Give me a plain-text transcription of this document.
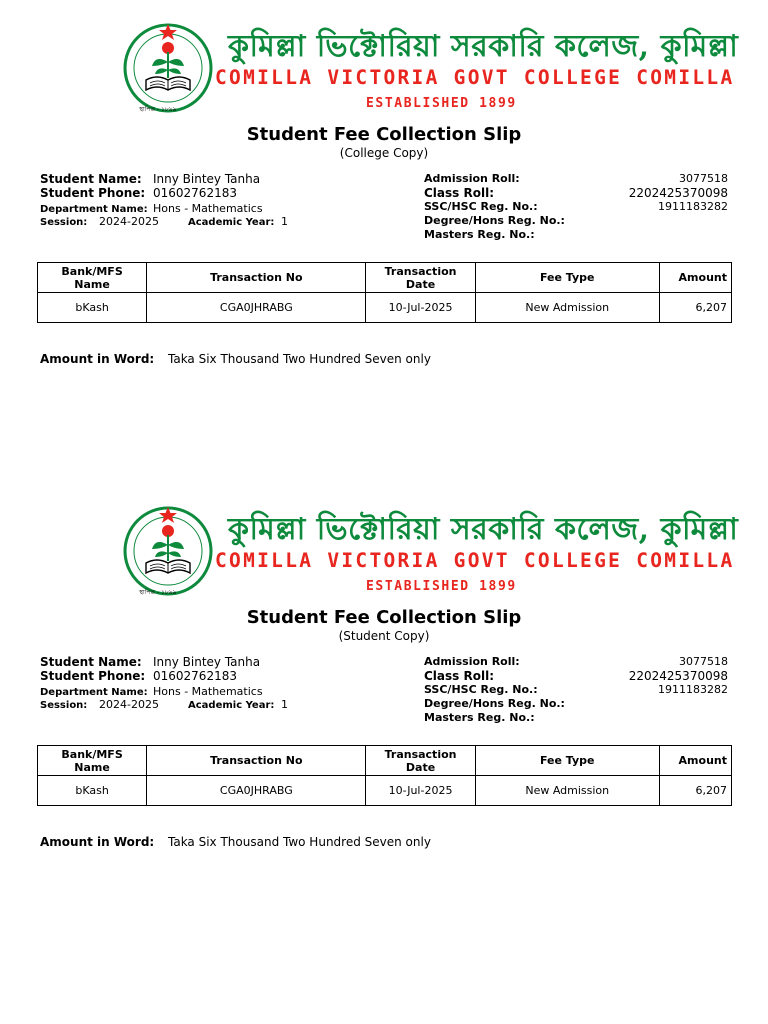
স্থাপিত - ১৮৯৯
কুমিল্লা ভিক্টোরিয়া সরকারি কলেজ, কুমিল্লা
COMILLA VICTORIA GOVT COLLEGE COMILLA
ESTABLISHED 1899
Student Fee Collection Slip
(College Copy)
Student Name: Inny Bintey Tanha
Student Phone: 01602762183
Department Name: Hons - Mathematics
Session: 2024-2025	Academic Year: 1
Admission Roll:	3077518
Class Roll:	2202425370098
SSC/HSC Reg. No.:	1911183282
Degree/Hons Reg. No.:
Masters Reg. No.:
Bank/MFS Name	Transaction No	Transaction Date	Fee Type	Amount
bKash	CGA0JHRABG	10-Jul-2025	New Admission	6,207
Amount in Word: Taka Six Thousand Two Hundred Seven only
স্থাপিত - ১৮৯৯
কুমিল্লা ভিক্টোরিয়া সরকারি কলেজ, কুমিল্লা
COMILLA VICTORIA GOVT COLLEGE COMILLA
ESTABLISHED 1899
Student Fee Collection Slip
(Student Copy)
Student Name: Inny Bintey Tanha
Student Phone: 01602762183
Department Name: Hons - Mathematics
Session: 2024-2025	Academic Year: 1
Admission Roll:	3077518
Class Roll:	2202425370098
SSC/HSC Reg. No.:	1911183282
Degree/Hons Reg. No.:
Masters Reg. No.:
Bank/MFS Name	Transaction No	Transaction Date	Fee Type	Amount
bKash	CGA0JHRABG	10-Jul-2025	New Admission	6,207
Amount in Word: Taka Six Thousand Two Hundred Seven only
